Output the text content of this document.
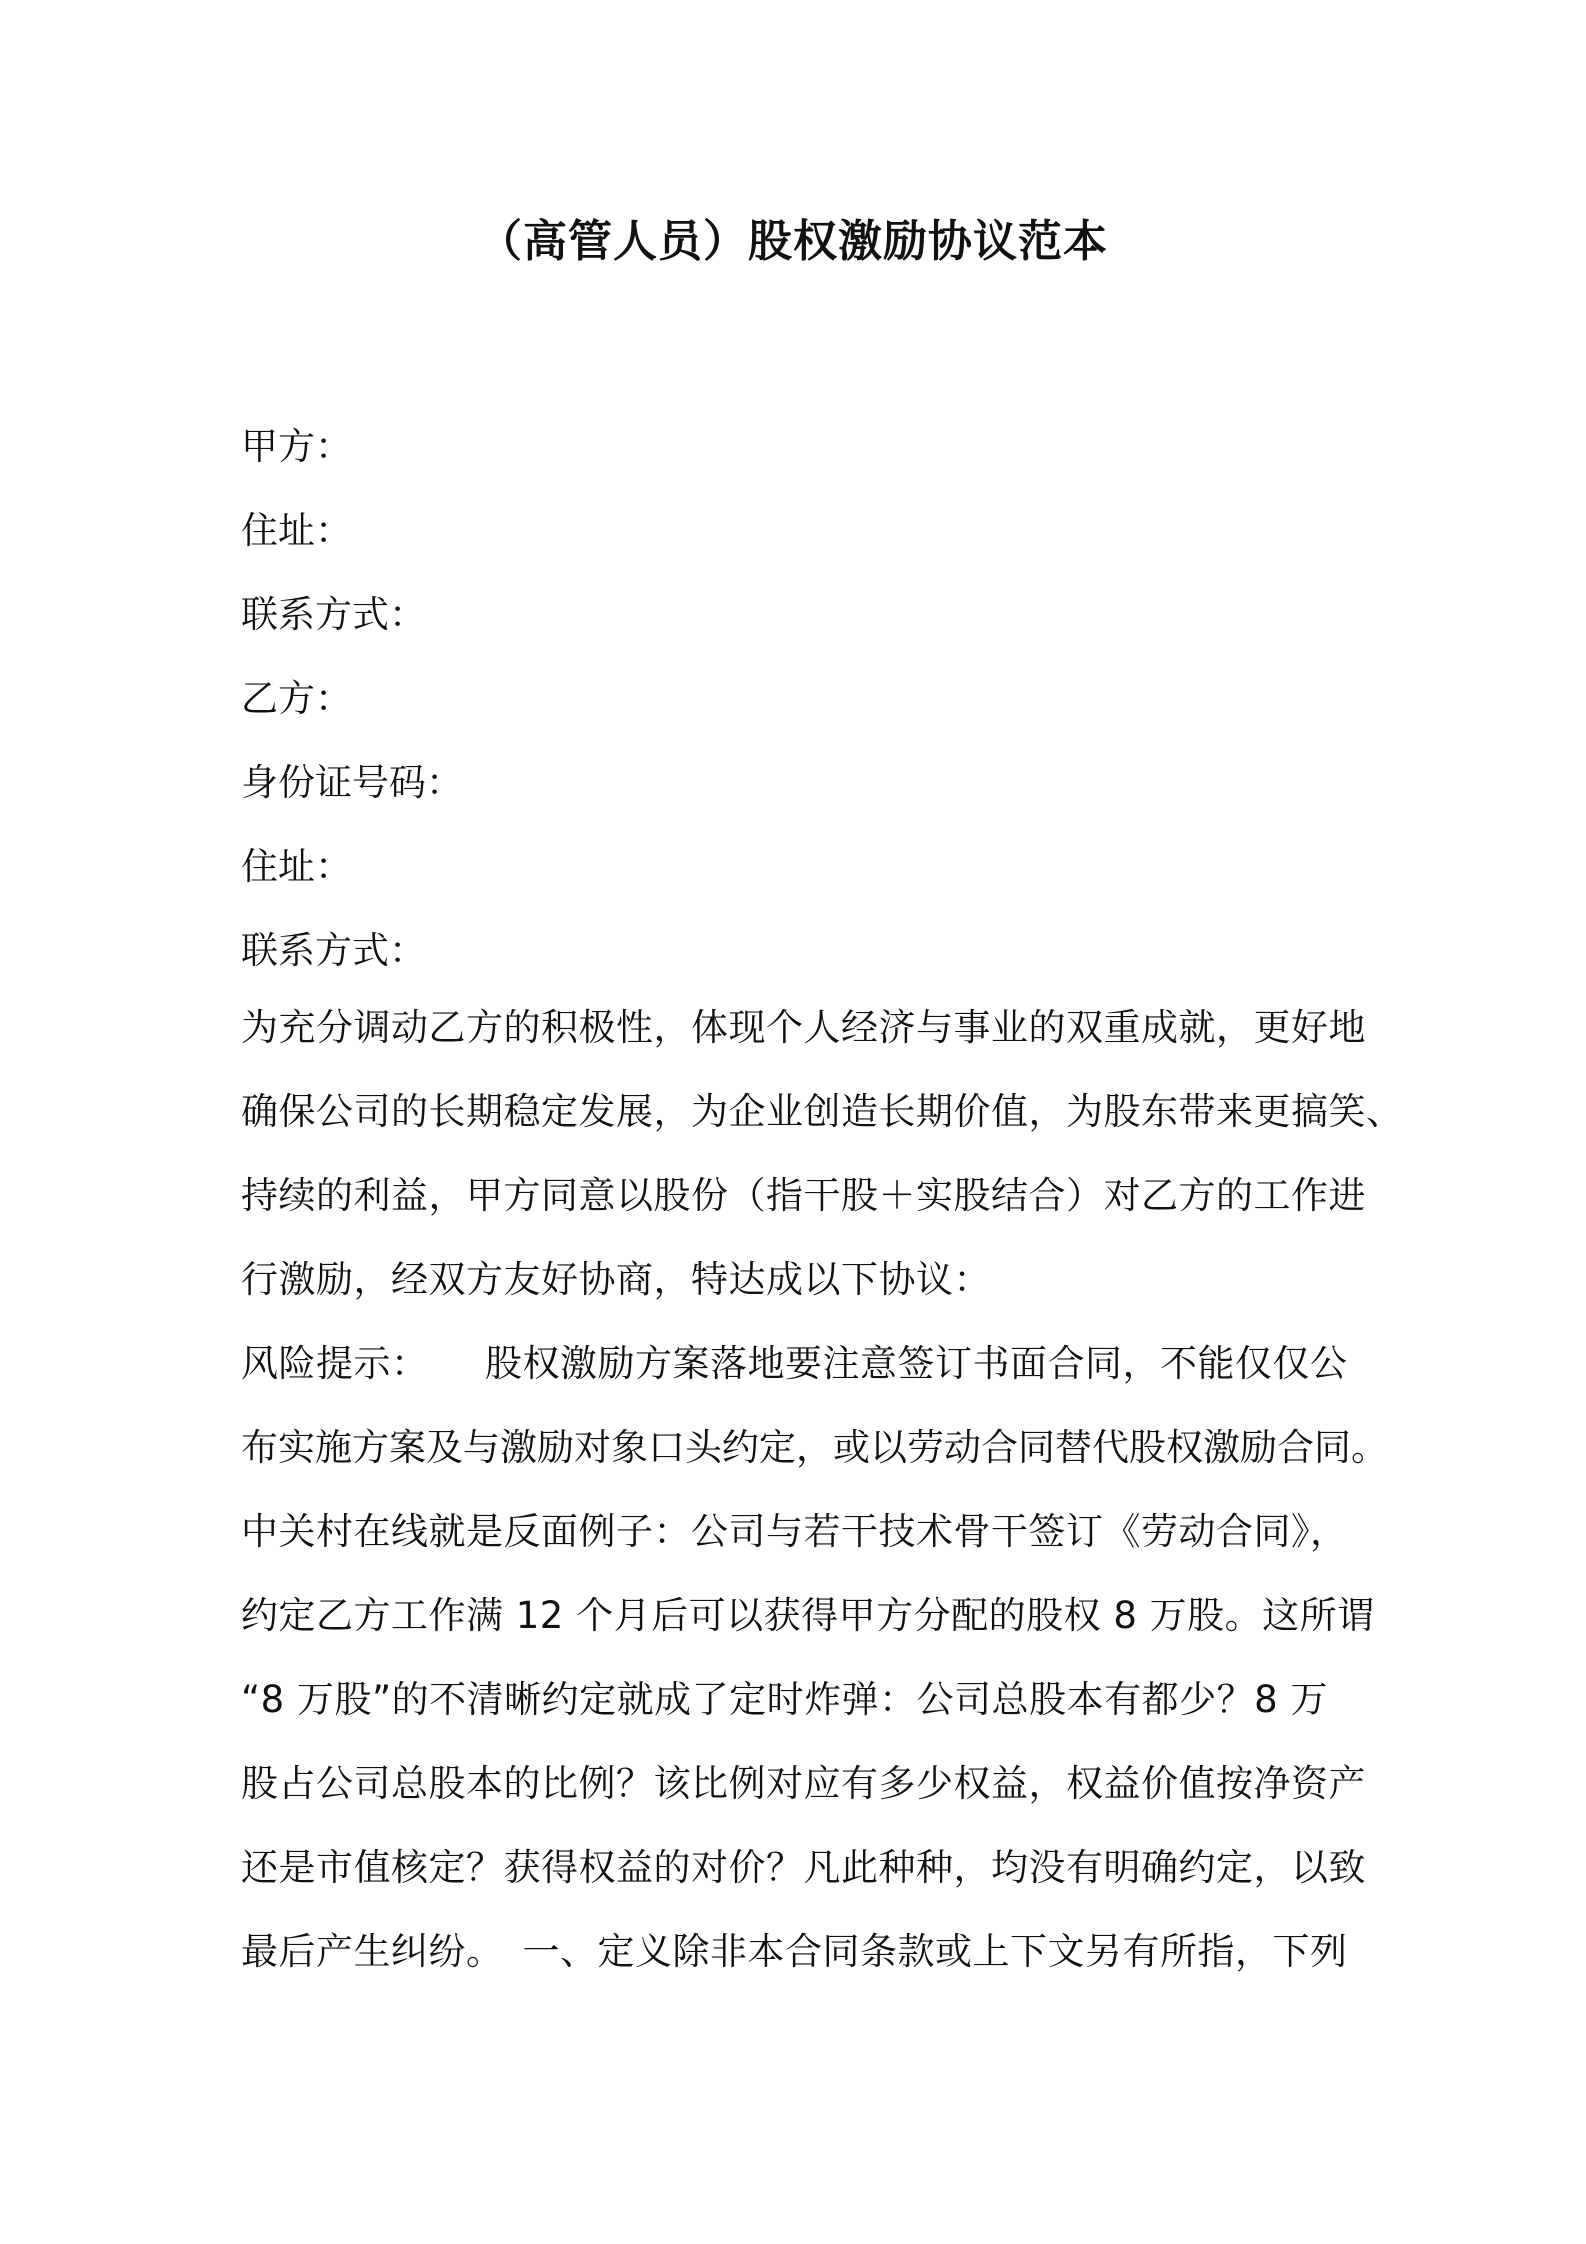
（高管人员）股权激励协议范本
甲方：
住址：
联系方式：
乙方：
身份证号码：
住址：
联系方式：
为充分调动乙方的积极性，体现个人经济与事业的双重成就，更好地
确保公司的长期稳定发展，为企业创造长期价值，为股东带来更搞笑、
持续的利益，甲方同意以股份（指干股＋实股结合）对乙方的工作进
行激励，经双方友好协商，特达成以下协议：
风险提示：　　股权激励方案落地要注意签订书面合同，不能仅仅公
布实施方案及与激励对象口头约定，或以劳动合同替代股权激励合同。
中关村在线就是反面例子：公司与若干技术骨干签订《劳动合同》，
约定乙方工作满 12 个月后可以获得甲方分配的股权 8 万股。这所谓
“8 万股”的不清晰约定就成了定时炸弹：公司总股本有都少？8 万
股占公司总股本的比例？该比例对应有多少权益，权益价值按净资产
还是市值核定？获得权益的对价？凡此种种，均没有明确约定，以致
最后产生纠纷。　一、定义除非本合同条款或上下文另有所指，下列
